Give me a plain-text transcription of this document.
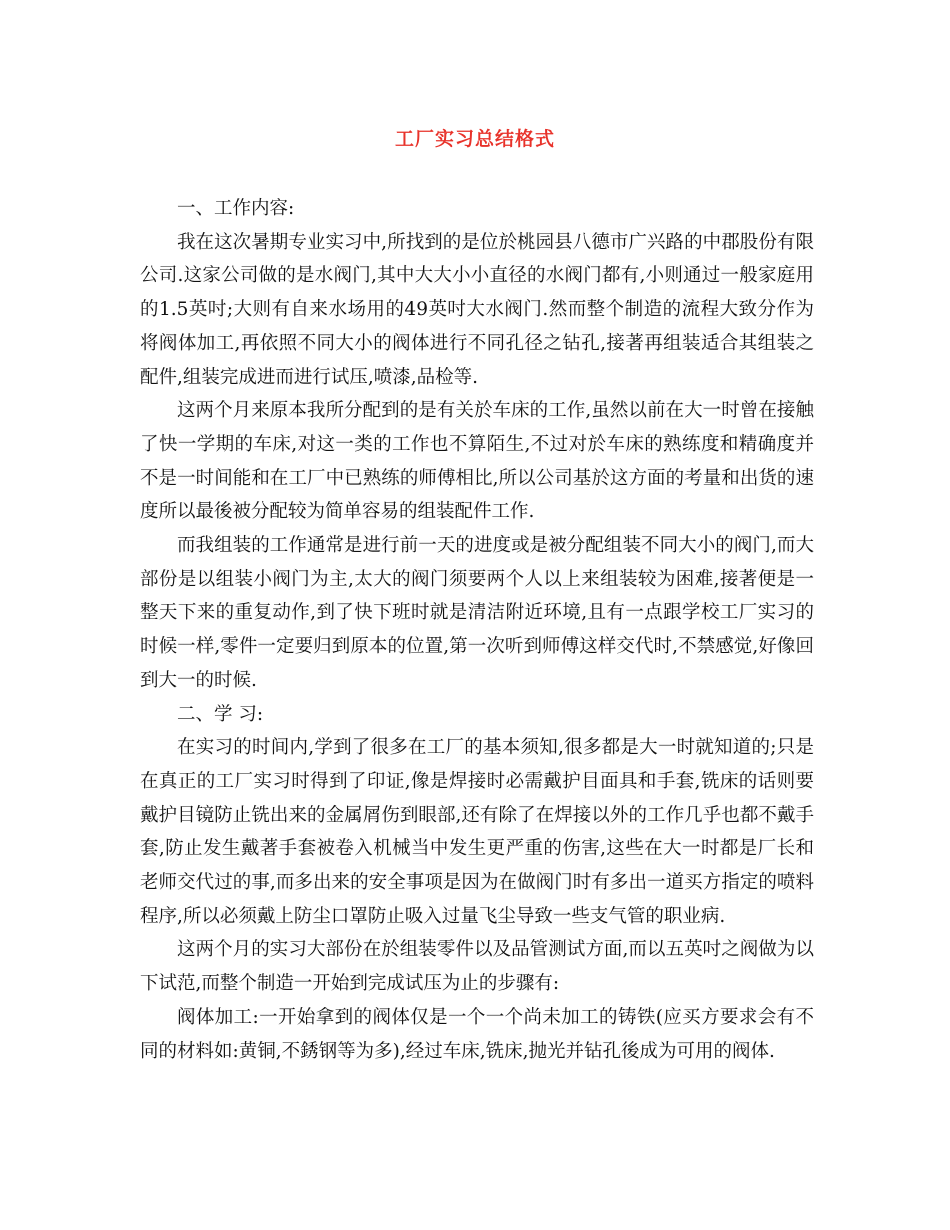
工厂实习总结格式

一、工作内容:

我在这次暑期专业实习中,所找到的是位於桃园县八德市广兴路的中郡股份有限公司.这家公司做的是水阀门,其中大大小小直径的水阀门都有,小则通过一般家庭用的1.5英吋;大则有自来水场用的49英吋大水阀门.然而整个制造的流程大致分作为将阀体加工,再依照不同大小的阀体进行不同孔径之钻孔,接著再组装适合其组装之配件,组装完成进而进行试压,喷漆,品检等.

这两个月来原本我所分配到的是有关於车床的工作,虽然以前在大一时曾在接触了快一学期的车床,对这一类的工作也不算陌生,不过对於车床的熟练度和精确度并不是一时间能和在工厂中已熟练的师傅相比,所以公司基於这方面的考量和出货的速度所以最後被分配较为简单容易的组装配件工作.

而我组装的工作通常是进行前一天的进度或是被分配组装不同大小的阀门,而大部份是以组装小阀门为主,太大的阀门须要两个人以上来组装较为困难,接著便是一整天下来的重复动作,到了快下班时就是清洁附近环境,且有一点跟学校工厂实习的时候一样,零件一定要归到原本的位置,第一次听到师傅这样交代时,不禁感觉,好像回到大一的时候.

二、学 习:

在实习的时间内,学到了很多在工厂的基本须知,很多都是大一时就知道的;只是在真正的工厂实习时得到了印证,像是焊接时必需戴护目面具和手套,铣床的话则要戴护目镜防止铣出来的金属屑伤到眼部,还有除了在焊接以外的工作几乎也都不戴手套,防止发生戴著手套被卷入机械当中发生更严重的伤害,这些在大一时都是厂长和老师交代过的事,而多出来的安全事项是因为在做阀门时有多出一道买方指定的喷料程序,所以必须戴上防尘口罩防止吸入过量飞尘导致一些支气管的职业病.

这两个月的实习大部份在於组装零件以及品管测试方面,而以五英吋之阀做为以下试范,而整个制造一开始到完成试压为止的步骤有:

阀体加工:一开始拿到的阀体仅是一个一个尚未加工的铸铁(应买方要求会有不同的材料如:黄铜,不銹钢等为多),经过车床,铣床,抛光并钻孔後成为可用的阀体.
